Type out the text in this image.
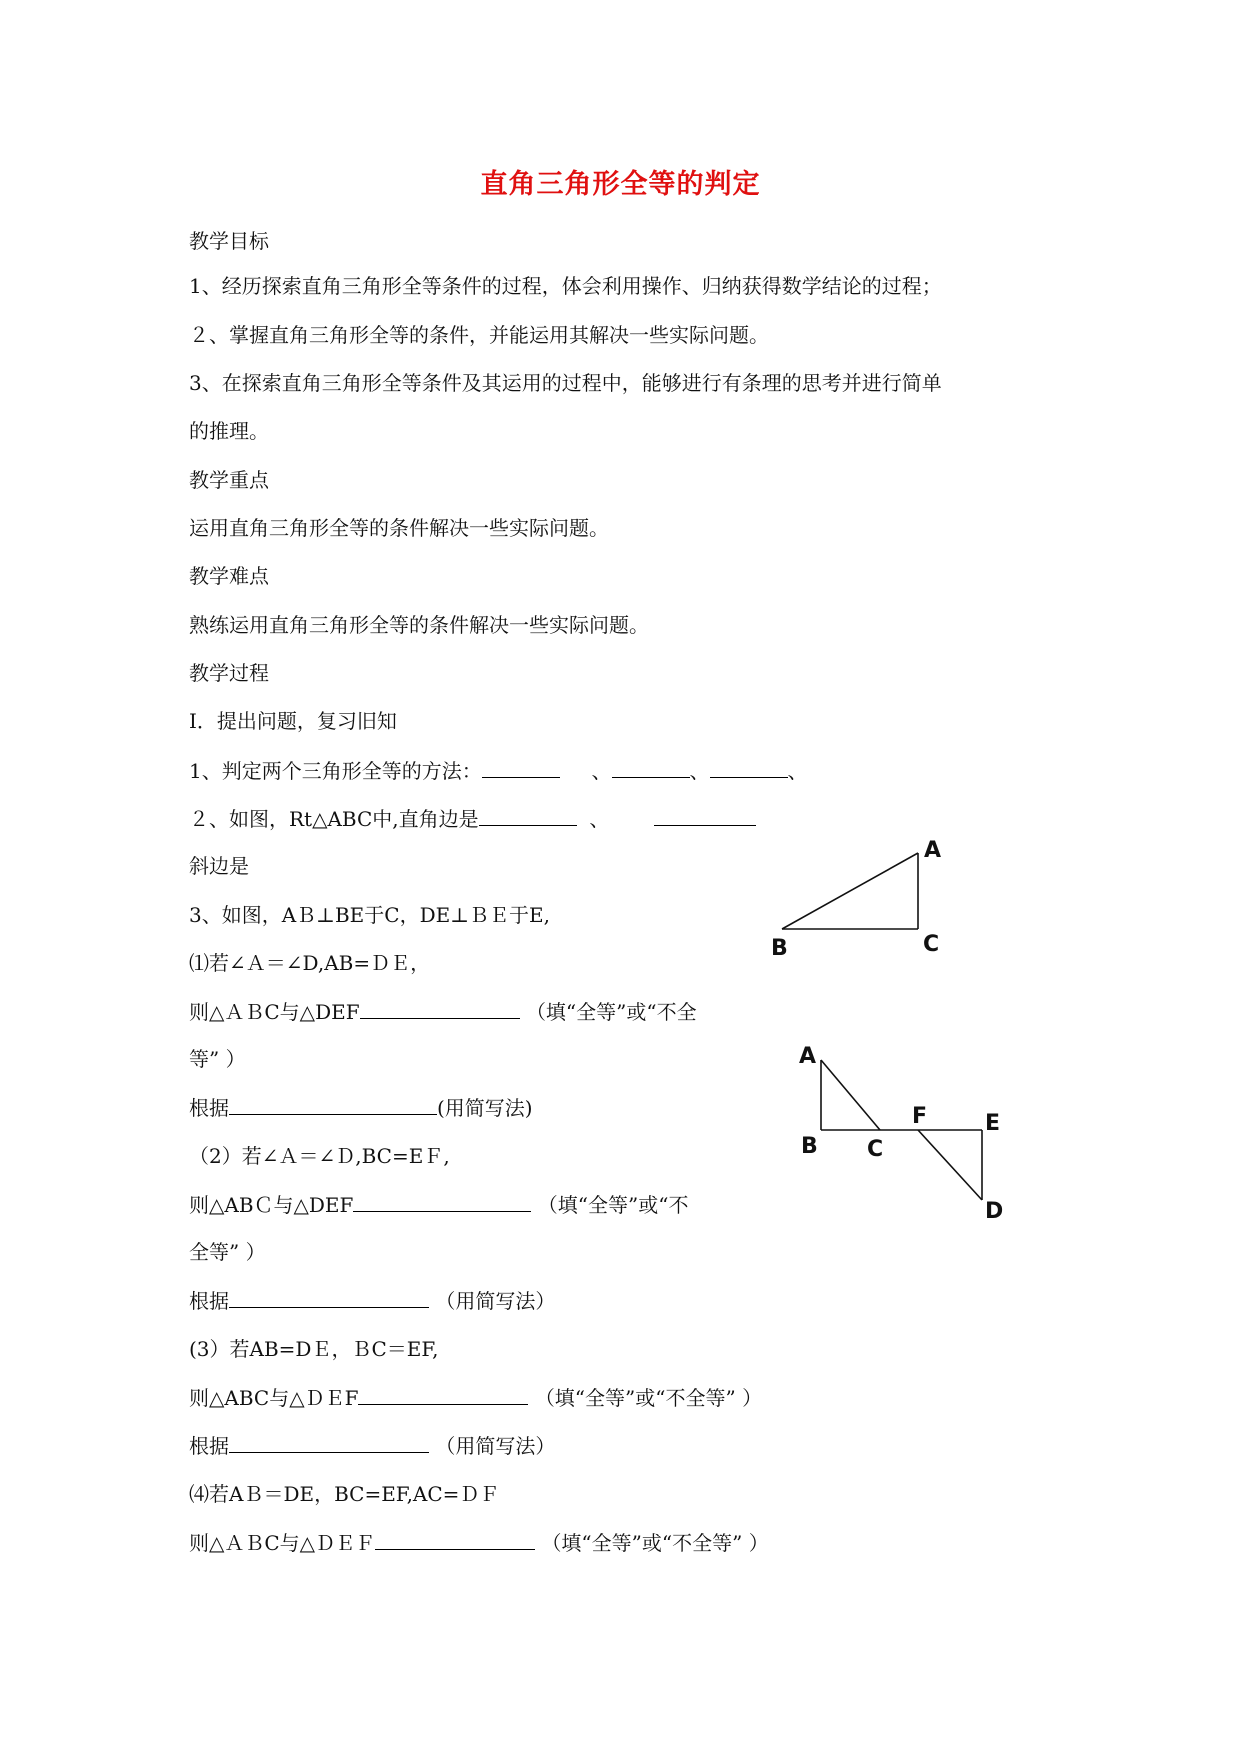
直角三角形全等的判定
教学目标
1、经历探索直角三角形全等条件的过程，体会利用操作、归纳获得数学结论的过程；
２、掌握直角三角形全等的条件，并能运用其解决一些实际问题。
3、在探索直角三角形全等条件及其运用的过程中，能够进行有条理的思考并进行简单
的推理。
教学重点
运用直角三角形全等的条件解决一些实际问题。
教学难点
熟练运用直角三角形全等的条件解决一些实际问题。
教学过程
Ⅰ．提出问题，复习旧知
1、判定两个三角形全等的方法：	、	、	、
２、如图，Rt△ABC中,直角边是	、
斜边是
3、如图，AＢ⊥BE于C，DE⊥ＢＥ于E,
⑴若∠Ａ＝∠D,AB=ＤＥ，
则△ＡＢC与△DEF	（填“全等”或“不全
等” ）
根据	(用简写法)
（2）若∠Ａ＝∠Ｄ,BC=EＦ,
则△ABＣ与△DEF	（填“全等”或“不
全等” ）
根据	（用简写法）
(3）若AB=DＥ，ＢC＝EF,
则△ABC与△ＤＥF	（填“全等”或“不全等” ）
根据	（用简写法）
⑷若AＢ＝DE，BC=EF,AC=ＤＦ
则△ＡＢC与△ＤＥＦ	（填“全等”或“不全等” ）
A
B	C
A
B C
F	E
D
